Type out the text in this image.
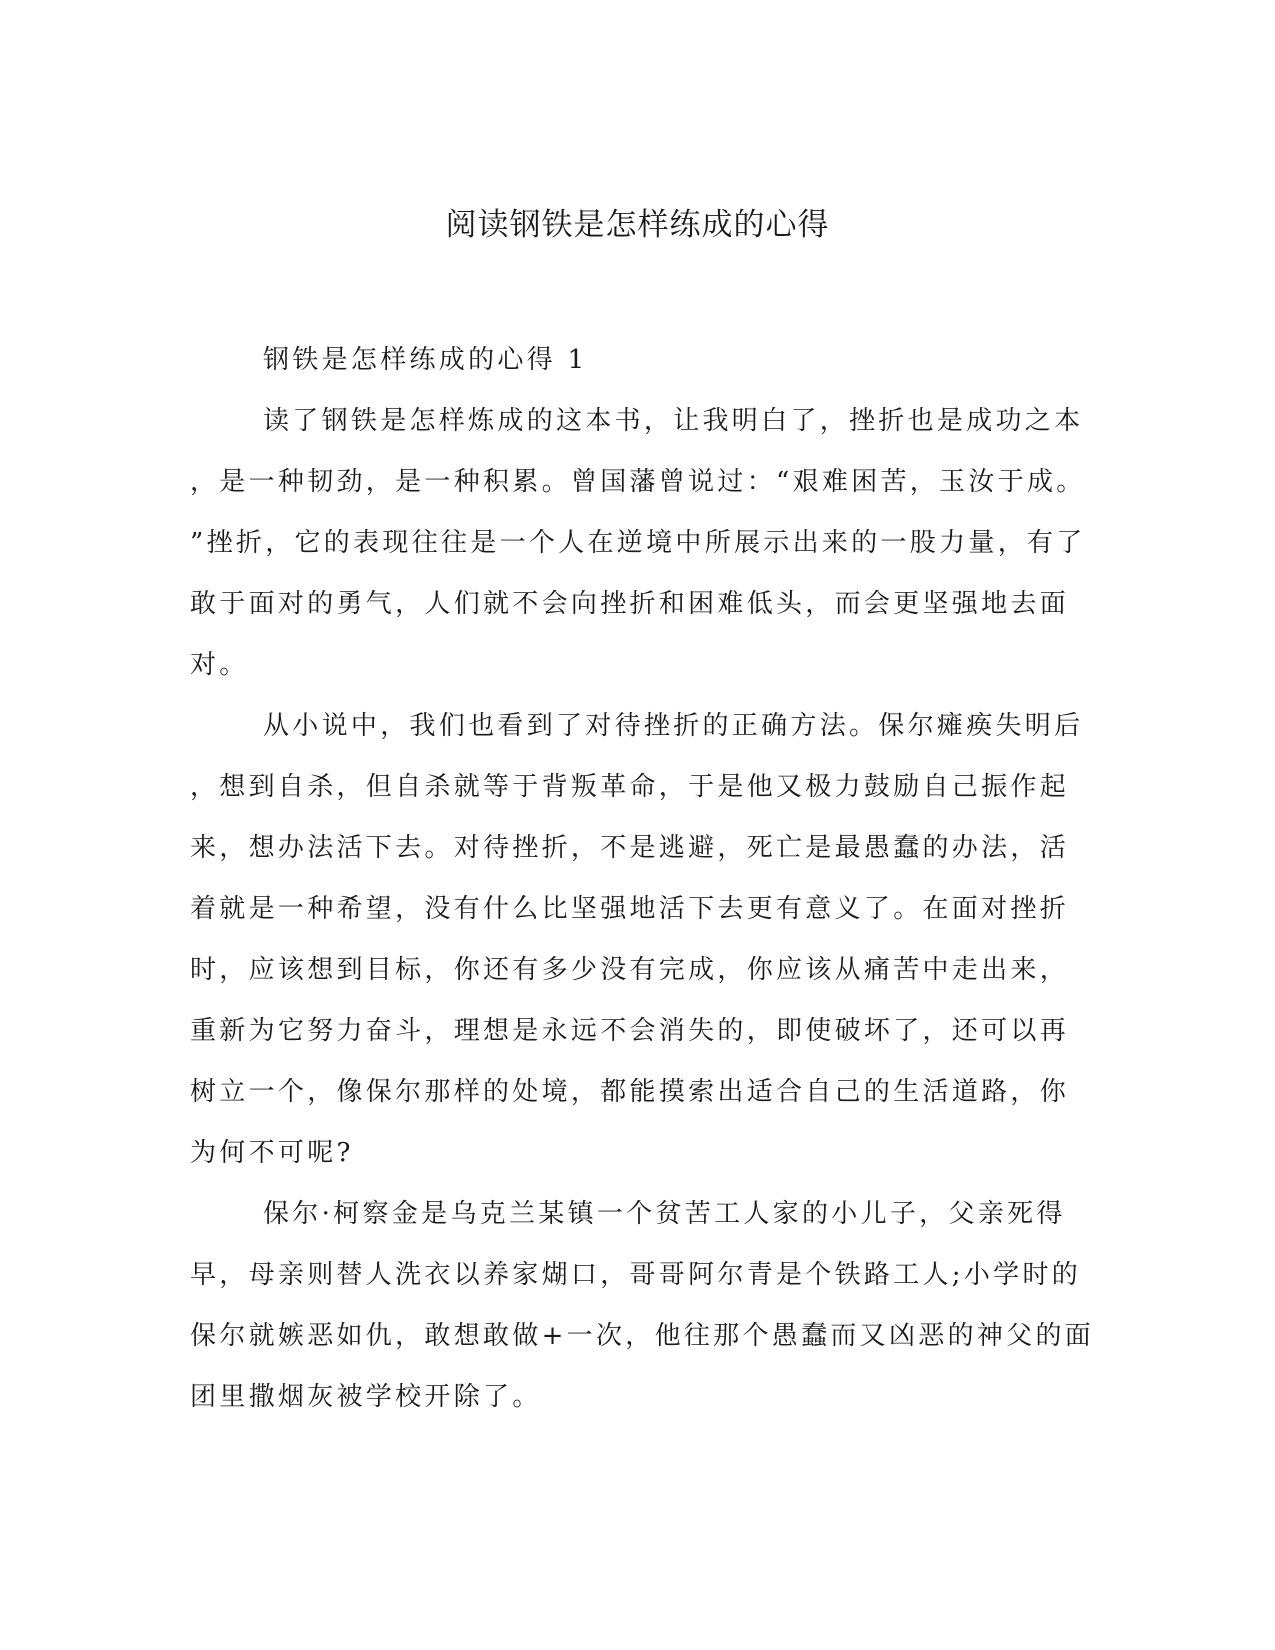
阅读钢铁是怎样练成的心得

钢铁是怎样练成的心得 1

读了钢铁是怎样炼成的这本书，让我明白了，挫折也是成功之本

，是一种韧劲，是一种积累。曾国藩曾说过：“艰难困苦，玉汝于成。

”挫折，它的表现往往是一个人在逆境中所展示出来的一股力量，有了

敢于面对的勇气，人们就不会向挫折和困难低头，而会更坚强地去面

对。

从小说中，我们也看到了对待挫折的正确方法。保尔瘫痪失明后

，想到自杀，但自杀就等于背叛革命，于是他又极力鼓励自己振作起

来，想办法活下去。对待挫折，不是逃避，死亡是最愚蠢的办法，活

着就是一种希望，没有什么比坚强地活下去更有意义了。在面对挫折

时，应该想到目标，你还有多少没有完成，你应该从痛苦中走出来，

重新为它努力奋斗，理想是永远不会消失的，即使破坏了，还可以再

树立一个，像保尔那样的处境，都能摸索出适合自己的生活道路，你

为何不可呢?

保尔·柯察金是乌克兰某镇一个贫苦工人家的小儿子，父亲死得

早，母亲则替人洗衣以养家煳口，哥哥阿尔青是个铁路工人;小学时的

保尔就嫉恶如仇，敢想敢做+一次，他往那个愚蠢而又凶恶的神父的面

团里撒烟灰被学校开除了。
